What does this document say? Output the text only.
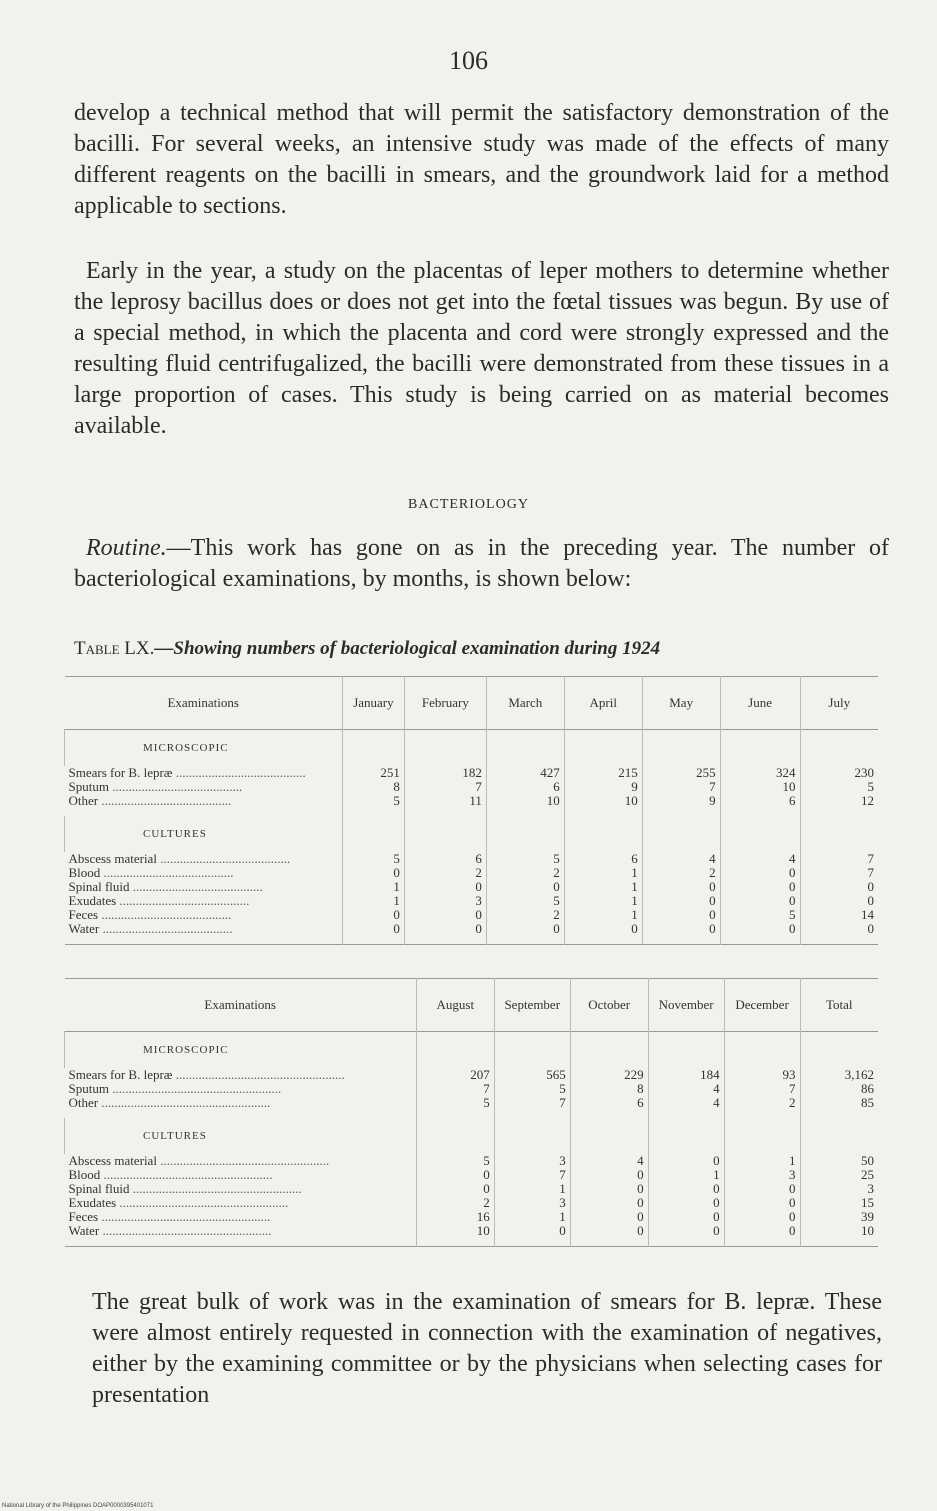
106

develop a technical method that will permit the satisfactory demonstration of the bacilli. For several weeks, an intensive study was made of the effects of many different reagents on the bacilli in smears, and the groundwork laid for a method applicable to sections.

Early in the year, a study on the placentas of leper mothers to determine whether the leprosy bacillus does or does not get into the fœtal tissues was begun. By use of a special method, in which the placenta and cord were strongly expressed and the resulting fluid centrifugalized, the bacilli were demonstrated from these tissues in a large proportion of cases. This study is being carried on as material becomes available.

BACTERIOLOGY

Routine.—This work has gone on as in the preceding year. The number of bacteriological examinations, by months, is shown below:

Table LX.—Showing numbers of bacteriological examination during 1924
Examinations	January	February	March	April	May	June	July
MICROSCOPIC							
Smears for B. lepræ ........................................	251	182	427	215	255	324	230
Sputum ........................................	8	7	6	9	7	10	5
Other ........................................	5	11	10	10	9	6	12
CULTURES							
Abscess material ........................................	5	6	5	6	4	4	7
Blood ........................................	0	2	2	1	2	0	7
Spinal fluid ........................................	1	0	0	1	0	0	0
Exudates ........................................	1	3	5	1	0	0	0
Feces ........................................	0	0	2	1	0	5	14
Water ........................................	0	0	0	0	0	0	0

Examinations	August	September	October	November	December	Total
MICROSCOPIC						
Smears for B. lepræ ....................................................	207	565	229	184	93	3,162
Sputum ....................................................	7	5	8	4	7	86
Other ....................................................	5	7	6	4	2	85
CULTURES						
Abscess material ....................................................	5	3	4	0	1	50
Blood ....................................................	0	7	0	1	3	25
Spinal fluid ....................................................	0	1	0	0	0	3
Exudates ....................................................	2	3	0	0	0	15
Feces ....................................................	16	1	0	0	0	39
Water ....................................................	10	0	0	0	0	10

The great bulk of work was in the examination of smears for B. lepræ. These were almost entirely requested in connection with the examination of negatives, either by the examining committee or by the physicians when selecting cases for presentation

National Library of the Philippines DOAP0000395401071
